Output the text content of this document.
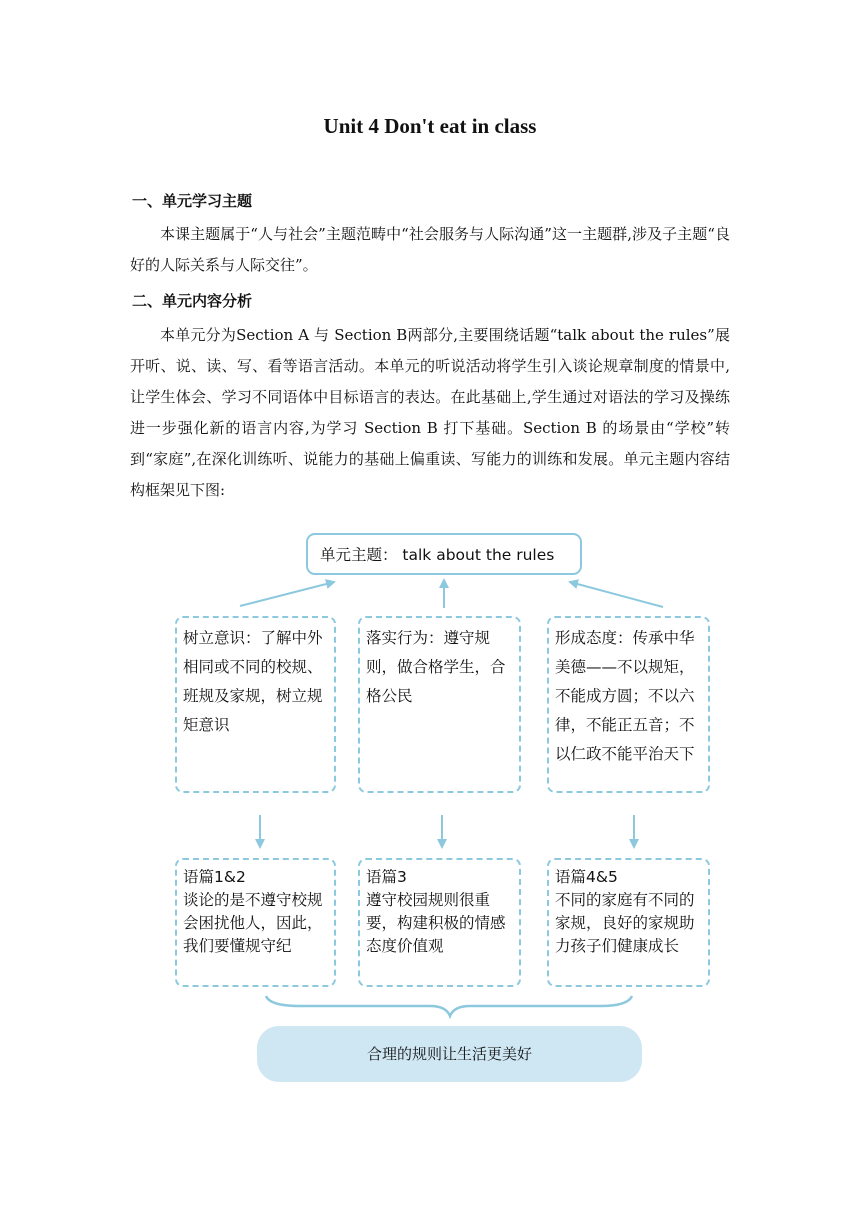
Unit 4 Don't eat in class
一、单元学习主题

本课主题属于“人与社会”主题范畴中“社会服务与人际沟通”这一主题群,涉及子主题“良好的人际关系与人际交往”。

二、单元内容分析

本单元分为Section A 与 Section B两部分,主要围绕话题“talk about the rules”展开听、说、读、写、看等语言活动。本单元的听说活动将学生引入谈论规章制度的情景中,让学生体会、学习不同语体中目标语言的表达。在此基础上,学生通过对语法的学习及操练进一步强化新的语言内容,为学习 Section B 打下基础。Section B 的场景由“学校”转到“家庭”,在深化训练听、说能力的基础上偏重读、写能力的训练和发展。单元主题内容结构框架见下图:

单元主题： talk about the rules
树立意识：了解中外相同或不同的校规、班规及家规，树立规矩意识
落实行为：遵守规则，做合格学生，合格公民
形成态度：传承中华美德——不以规矩，不能成方圆；不以六律，不能正五音；不以仁政不能平治天下
语篇1&2
谈论的是不遵守校规会困扰他人，因此，我们要懂规守纪
语篇3
遵守校园规则很重要，构建积极的情感态度价值观
语篇4&5
不同的家庭有不同的家规，良好的家规助力孩子们健康成长
合理的规则让生活更美好
